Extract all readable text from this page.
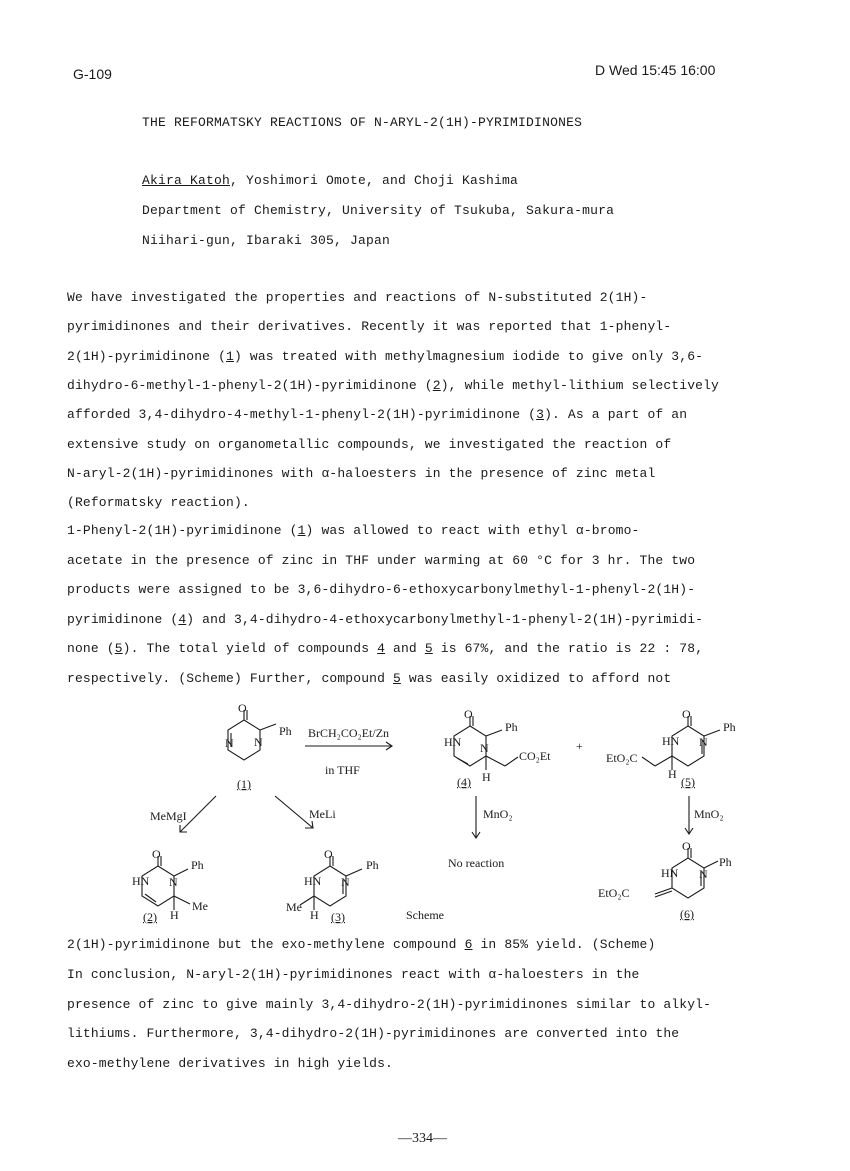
G-109	D Wed 15:45 16:00
THE REFORMATSKY REACTIONS OF N-ARYL-2(1H)-PYRIMIDINONES
Akira Katoh, Yoshimori Omote, and Choji Kashima
Department of Chemistry, University of Tsukuba, Sakura-mura
Niihari-gun, Ibaraki 305, Japan
We have investigated the properties and reactions of N-substituted 2(1H)-
pyrimidinones and their derivatives. Recently it was reported that 1-phenyl-
2(1H)-pyrimidinone (1) was treated with methylmagnesium iodide to give only 3,6-
dihydro-6-methyl-1-phenyl-2(1H)-pyrimidinone (2), while methyl-lithium selectively
afforded 3,4-dihydro-4-methyl-1-phenyl-2(1H)-pyrimidinone (3). As a part of an
extensive study on organometallic compounds, we investigated the reaction of
N-aryl-2(1H)-pyrimidinones with α-haloesters in the presence of zinc metal
(Reformatsky reaction).
1-Phenyl-2(1H)-pyrimidinone (1) was allowed to react with ethyl α-bromo-
acetate in the presence of zinc in THF under warming at 60 °C for 3 hr. The two
products were assigned to be 3,6-dihydro-6-ethoxycarbonylmethyl-1-phenyl-2(1H)-
pyrimidinone (4) and 3,4-dihydro-4-ethoxycarbonylmethyl-1-phenyl-2(1H)-pyrimidi-
none (5). The total yield of compounds 4 and 5 is 67%, and the ratio is 22 : 78,
respectively. (Scheme) Further, compound 5 was easily oxidized to afford not
2(1H)-pyrimidinone but the exo-methylene compound 6 in 85% yield. (Scheme)
In conclusion, N-aryl-2(1H)-pyrimidinones react with α-haloesters in the
presence of zinc to give mainly 3,4-dihydro-2(1H)-pyrimidinones similar to alkyl-
lithiums. Furthermore, 3,4-dihydro-2(1H)-pyrimidinones are converted into the
exo-methylene derivatives in high yields.
O
N N
Ph
(1)
BrCH₂CO₂Et/Zn
in THF
O
HN N
Ph
CO₂Et
H
(4)
+
O
HN N
Ph
EtO₂C
H
(5)
MeMgI	MeLi	MnO₂	MnO₂
No reaction
O
HN N
Ph
Me
H
(2)
O
HN N
Ph
Me
H (3)	Scheme
O
HN N
Ph
EtO₂C
(6)
—334—
